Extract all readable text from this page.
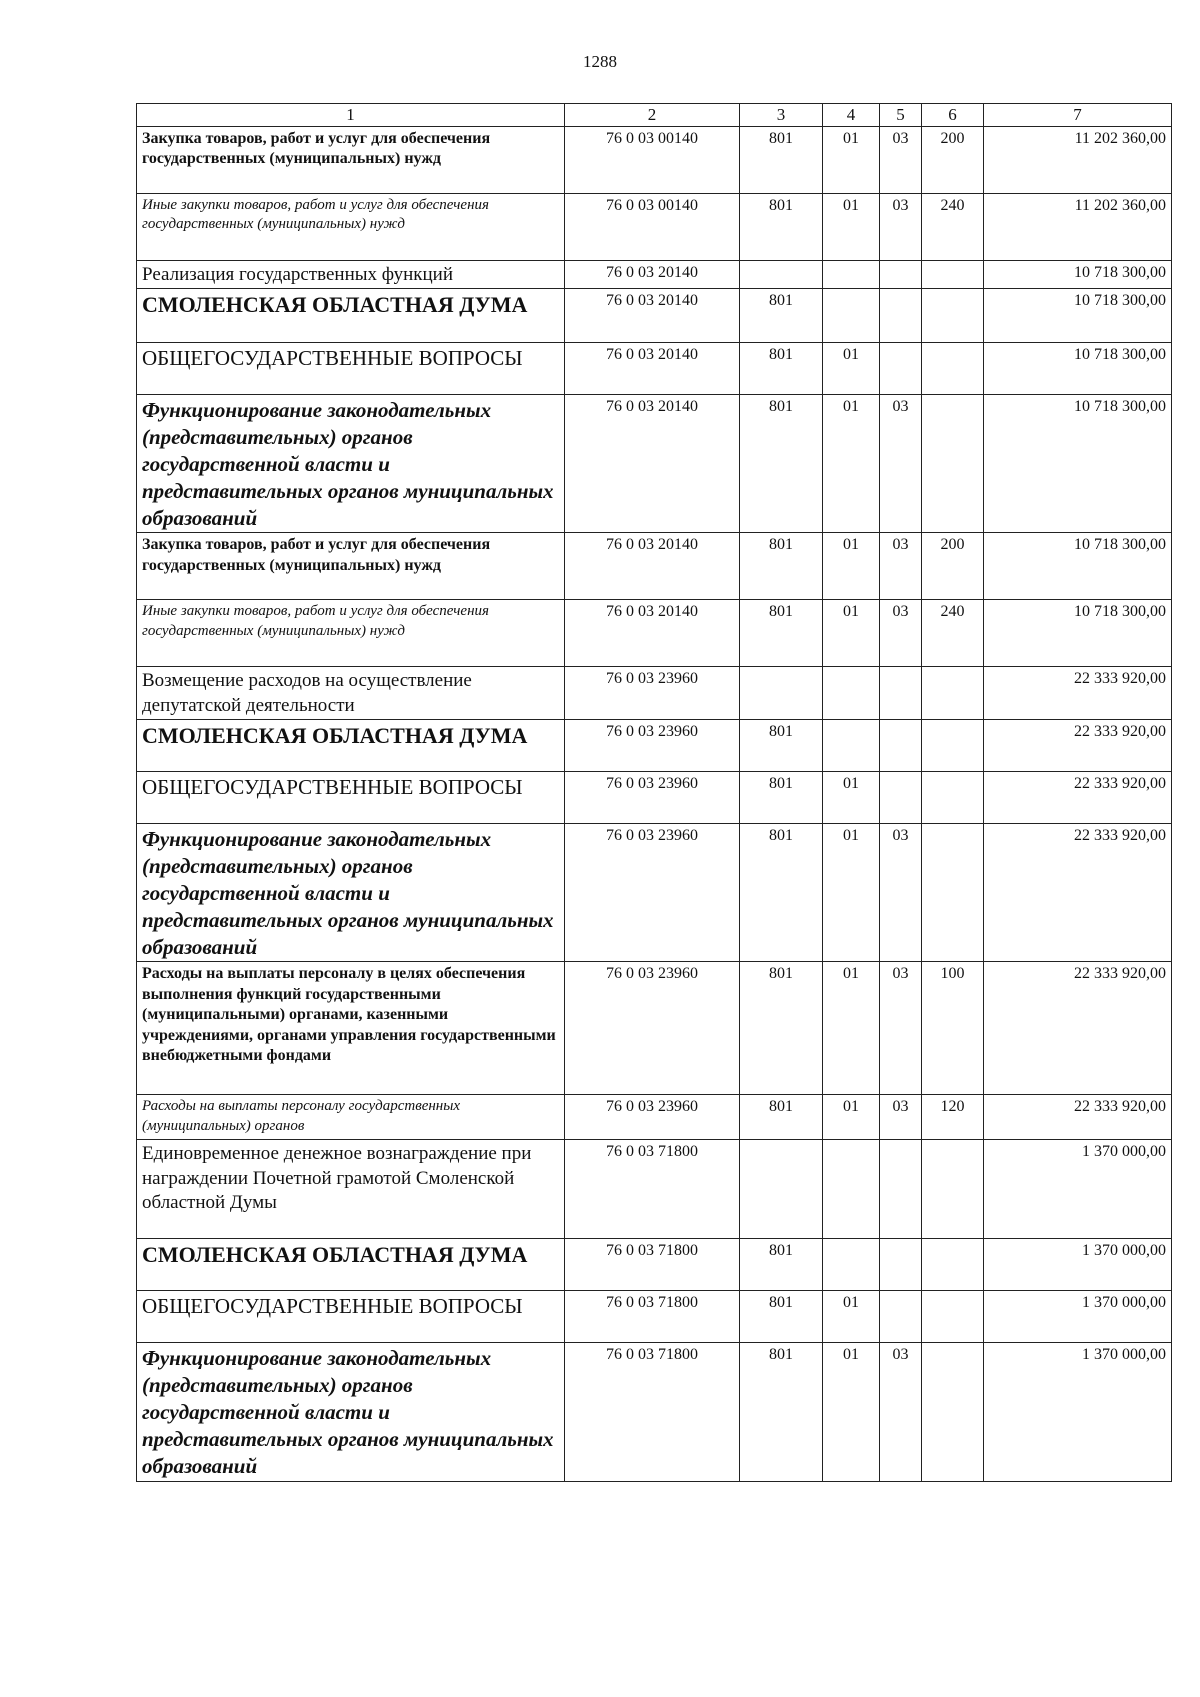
1288
1	2	3	4	5	6	7
Закупка товаров, работ и услуг для обеспечения государственных (муниципальных) нужд	76 0 03 00140	801	01	03	200	11 202 360,00
Иные закупки товаров, работ и услуг для обеспечения государственных (муниципальных) нужд	76 0 03 00140	801	01	03	240	11 202 360,00
Реализация государственных функций	76 0 03 20140					10 718 300,00
СМОЛЕНСКАЯ ОБЛАСТНАЯ ДУМА	76 0 03 20140	801				10 718 300,00
ОБЩЕГОСУДАРСТВЕННЫЕ ВОПРОСЫ	76 0 03 20140	801	01			10 718 300,00
Функционирование законодательных (представительных) органов государственной власти и представительных органов муниципальных образований	76 0 03 20140	801	01	03		10 718 300,00
Закупка товаров, работ и услуг для обеспечения государственных (муниципальных) нужд	76 0 03 20140	801	01	03	200	10 718 300,00
Иные закупки товаров, работ и услуг для обеспечения государственных (муниципальных) нужд	76 0 03 20140	801	01	03	240	10 718 300,00
Возмещение расходов на осуществление депутатской деятельности	76 0 03 23960					22 333 920,00
СМОЛЕНСКАЯ ОБЛАСТНАЯ ДУМА	76 0 03 23960	801				22 333 920,00
ОБЩЕГОСУДАРСТВЕННЫЕ ВОПРОСЫ	76 0 03 23960	801	01			22 333 920,00
Функционирование законодательных (представительных) органов государственной власти и представительных органов муниципальных образований	76 0 03 23960	801	01	03		22 333 920,00
Расходы на выплаты персоналу в целях обеспечения выполнения функций государственными (муниципальными) органами, казенными учреждениями, органами управления государственными внебюджетными фондами	76 0 03 23960	801	01	03	100	22 333 920,00
Расходы на выплаты персоналу государственных (муниципальных) органов	76 0 03 23960	801	01	03	120	22 333 920,00
Единовременное денежное вознаграждение при награждении Почетной грамотой Смоленской областной Думы	76 0 03 71800					1 370 000,00
СМОЛЕНСКАЯ ОБЛАСТНАЯ ДУМА	76 0 03 71800	801				1 370 000,00
ОБЩЕГОСУДАРСТВЕННЫЕ ВОПРОСЫ	76 0 03 71800	801	01			1 370 000,00
Функционирование законодательных (представительных) органов государственной власти и представительных органов муниципальных образований	76 0 03 71800	801	01	03		1 370 000,00
